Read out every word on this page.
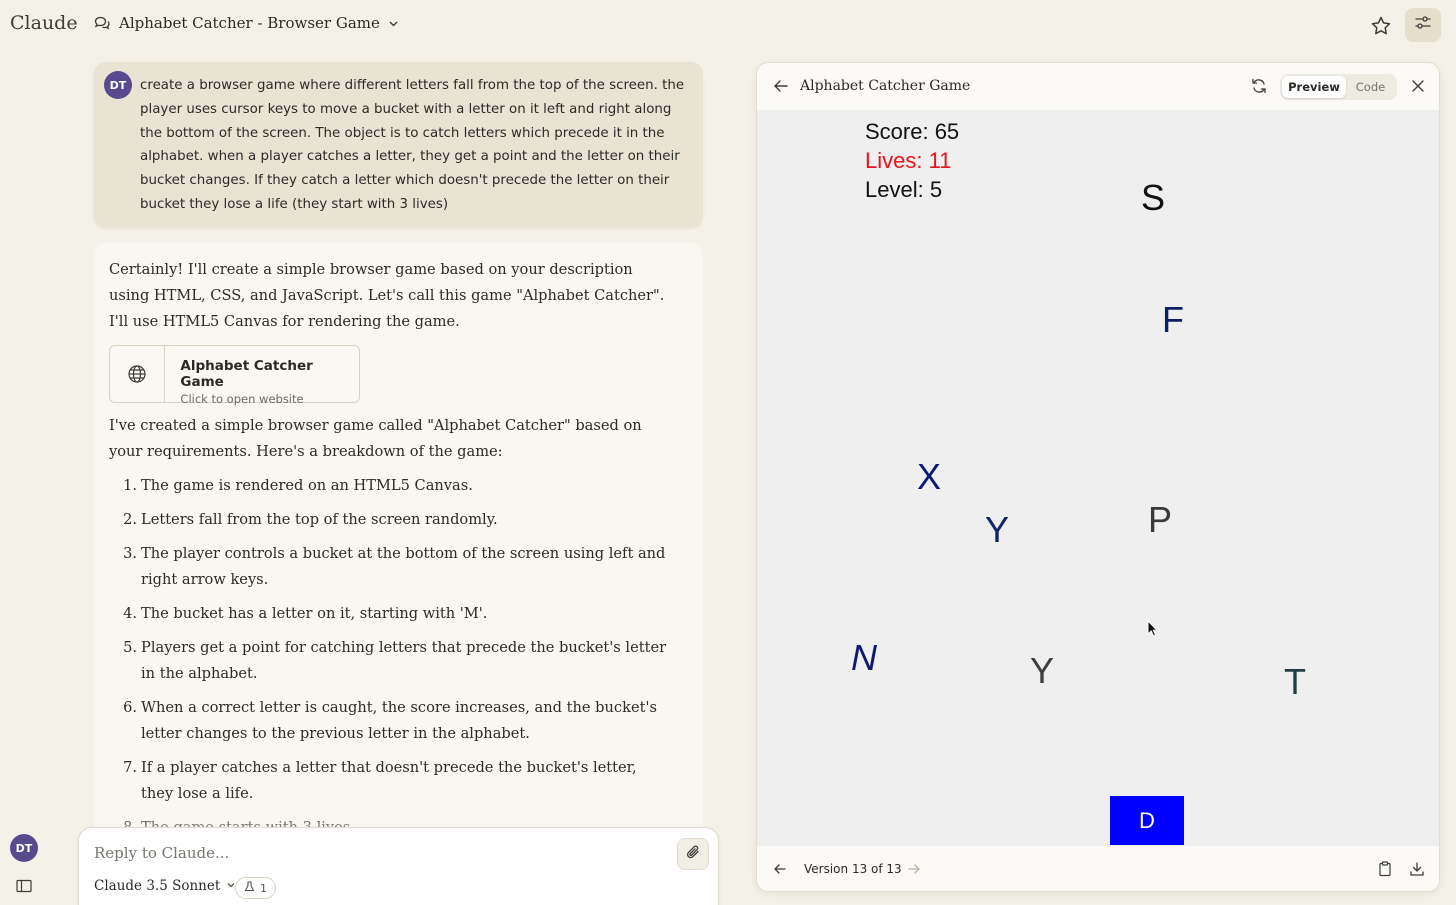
Claude	Alphabet Catcher - Browser Game
DT	create a browser game where different letters fall from the top of the screen. the player uses cursor keys to move a bucket with a letter on it left and right along the bottom of the screen. The object is to catch letters which precede it in the alphabet. when a player catches a letter, they get a point and the letter on their bucket changes. If they catch a letter which doesn't precede the letter on their bucket they lose a life (they start with 3 lives)
Certainly! I'll create a simple browser game based on your description using HTML, CSS, and JavaScript. Let's call this game "Alphabet Catcher". I'll use HTML5 Canvas for rendering the game.
Alphabet Catcher Game
Click to open website
I've created a simple browser game called "Alphabet Catcher" based on your requirements. Here's a breakdown of the game:
1. The game is rendered on an HTML5 Canvas.
2. Letters fall from the top of the screen randomly.
3. The player controls a bucket at the bottom of the screen using left and right arrow keys.
4. The bucket has a letter on it, starting with 'M'.
5. Players get a point for catching letters that precede the bucket's letter in the alphabet.
6. When a correct letter is caught, the score increases, and the bucket's letter changes to the previous letter in the alphabet.
7. If a player catches a letter that doesn't precede the bucket's letter, they lose a life.
Reply to Claude...
Claude 3.5 Sonnet	1
DT
Alphabet Catcher Game	Preview	Code
Score: 65
Lives: 11
Level: 5	S
F
X
Y	P
N	Y	T
D
Version 13 of 13
